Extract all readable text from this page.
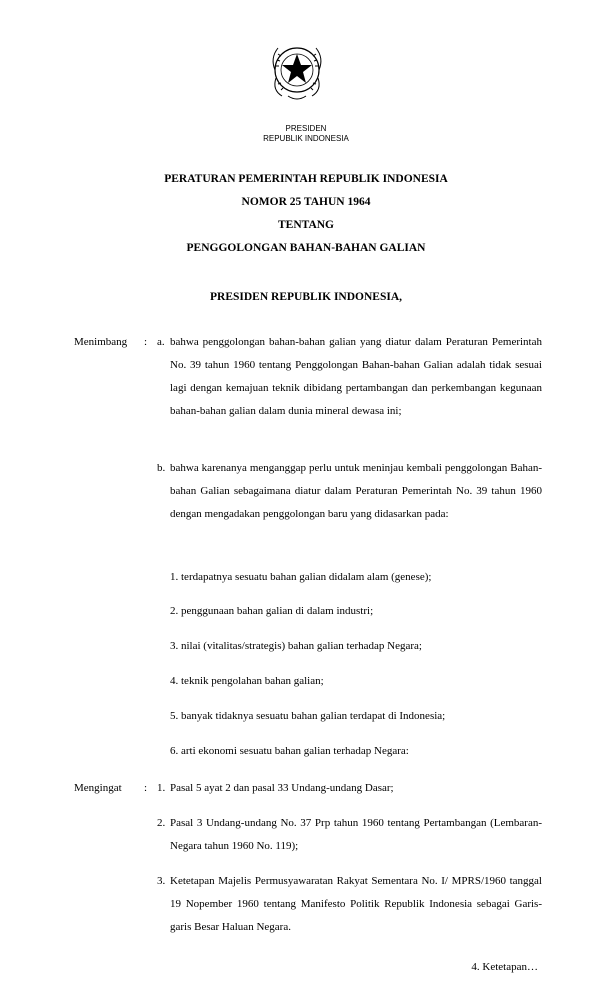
PRESIDEN
REPUBLIK INDONESIA
PERATURAN PEMERINTAH REPUBLIK INDONESIA
NOMOR 25 TAHUN 1964
TENTANG
PENGGOLONGAN BAHAN-BAHAN GALIAN
PRESIDEN REPUBLIK INDONESIA,
Menimbang : a. bahwa penggolongan bahan-bahan galian yang diatur dalam Peraturan Pemerintah No. 39 tahun 1960 tentang Penggolongan Bahan-bahan Galian adalah tidak sesuai lagi dengan kemajuan teknik dibidang pertambangan dan perkembangan kegunaan bahan-bahan galian dalam dunia mineral dewasa ini;
b. bahwa karenanya menganggap perlu untuk meninjau kembali penggolongan Bahan-bahan Galian sebagaimana diatur dalam Peraturan Pemerintah No. 39 tahun 1960 dengan mengadakan penggolongan baru yang didasarkan pada:
1. terdapatnya sesuatu bahan galian didalam alam (genese);
2. penggunaan bahan galian di dalam industri;
3. nilai (vitalitas/strategis) bahan galian terhadap Negara;
4. teknik pengolahan bahan galian;
5. banyak tidaknya sesuatu bahan galian terdapat di Indonesia;
6. arti ekonomi sesuatu bahan galian terhadap Negara:
Mengingat : 1. Pasal 5 ayat 2 dan pasal 33 Undang-undang Dasar;
2. Pasal 3 Undang-undang No. 37 Prp tahun 1960 tentang Pertambangan (Lembaran-Negara tahun 1960 No. 119);
3. Ketetapan Majelis Permusyawaratan Rakyat Sementara No. I/ MPRS/1960 tanggal 19 Nopember 1960 tentang Manifesto Politik Republik Indonesia sebagai Garis-garis Besar Haluan Negara.
4. Ketetapan…
